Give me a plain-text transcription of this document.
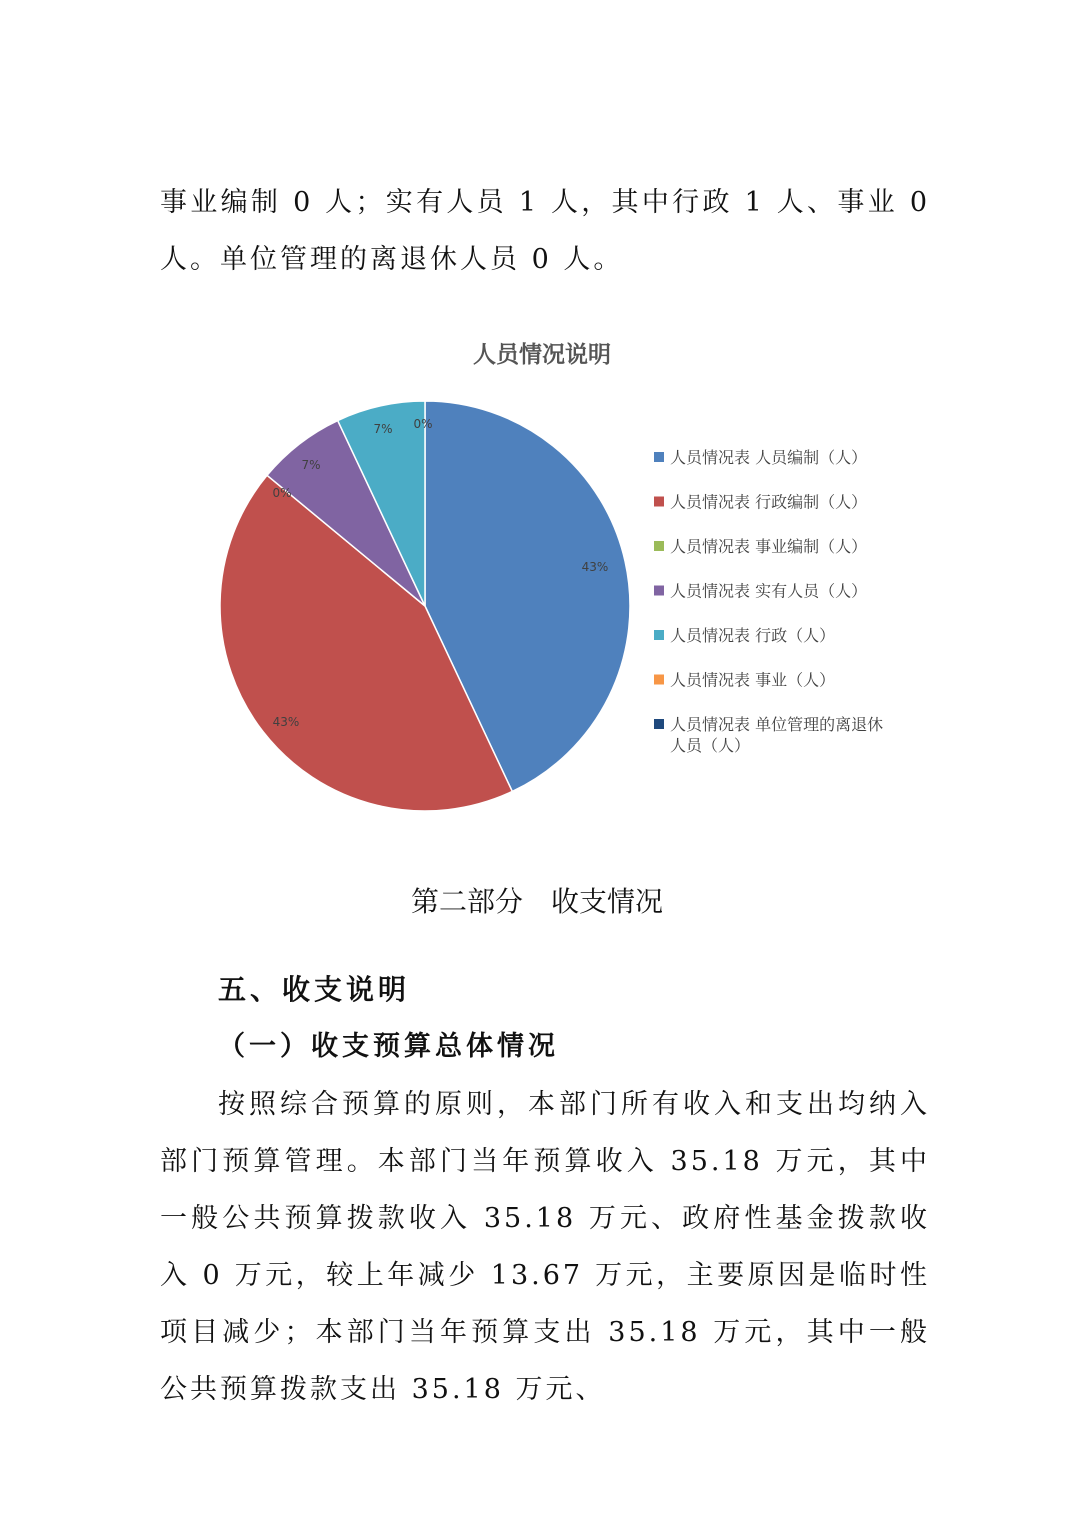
事业编制 0 人；实有人员 1 人，其中行政 1 人、事业 0 人。单位管理的离退休人员 0 人。

人员情况说明
43%
43%
0%
7%
7% 0%
人员情况表 人员编制（人）
人员情况表 行政编制（人）
人员情况表 事业编制（人）
人员情况表 实有人员（人）
人员情况表 行政（人）
人员情况表 事业（人）
人员情况表 单位管理的离退休人员（人）
第二部分　收支情况
五、收支说明
（一）收支预算总体情况

按照综合预算的原则，本部门所有收入和支出均纳入部门预算管理。本部门当年预算收入 35.18 万元，其中一般公共预算拨款收入 35.18 万元、政府性基金拨款收入 0 万元，较上年减少 13.67 万元，主要原因是临时性项目减少；本部门当年预算支出 35.18 万元，其中一般公共预算拨款支出 35.18 万元、
